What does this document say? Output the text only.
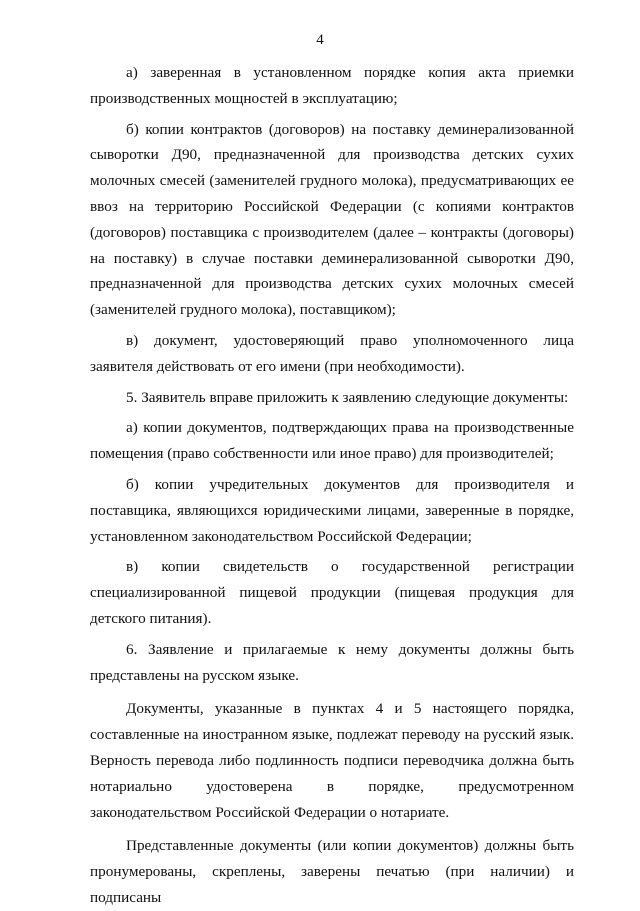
4

а) заверенная в установленном порядке копия акта приемки производственных мощностей в эксплуатацию;

б) копии контрактов (договоров) на поставку деминерализованной сыворотки Д90, предназначенной для производства детских сухих молочных смесей (заменителей грудного молока), предусматривающих ее ввоз на территорию Российской Федерации (с копиями контрактов (договоров) поставщика с производителем (далее – контракты (договоры) на поставку) в случае поставки деминерализованной сыворотки Д90, предназначенной для производства детских сухих молочных смесей (заменителей грудного молока), поставщиком);

в) документ, удостоверяющий право уполномоченного лица заявителя действовать от его имени (при необходимости).

5. Заявитель вправе приложить к заявлению следующие документы:

а) копии документов, подтверждающих права на производственные помещения (право собственности или иное право) для производителей;

б) копии учредительных документов для производителя и поставщика, являющихся юридическими лицами, заверенные в порядке, установленном законодательством Российской Федерации;

в) копии свидетельств о государственной регистрации специализированной пищевой продукции (пищевая продукция для детского питания).

6. Заявление и прилагаемые к нему документы должны быть представлены на русском языке.

Документы, указанные в пунктах 4 и 5 настоящего порядка, составленные на иностранном языке, подлежат переводу на русский язык. Верность перевода либо подлинность подписи переводчика должна быть нотариально удостоверена в порядке, предусмотренном законодательством Российской Федерации о нотариате.

Представленные документы (или копии документов) должны быть пронумерованы, скреплены, заверены печатью (при наличии) и подписаны
